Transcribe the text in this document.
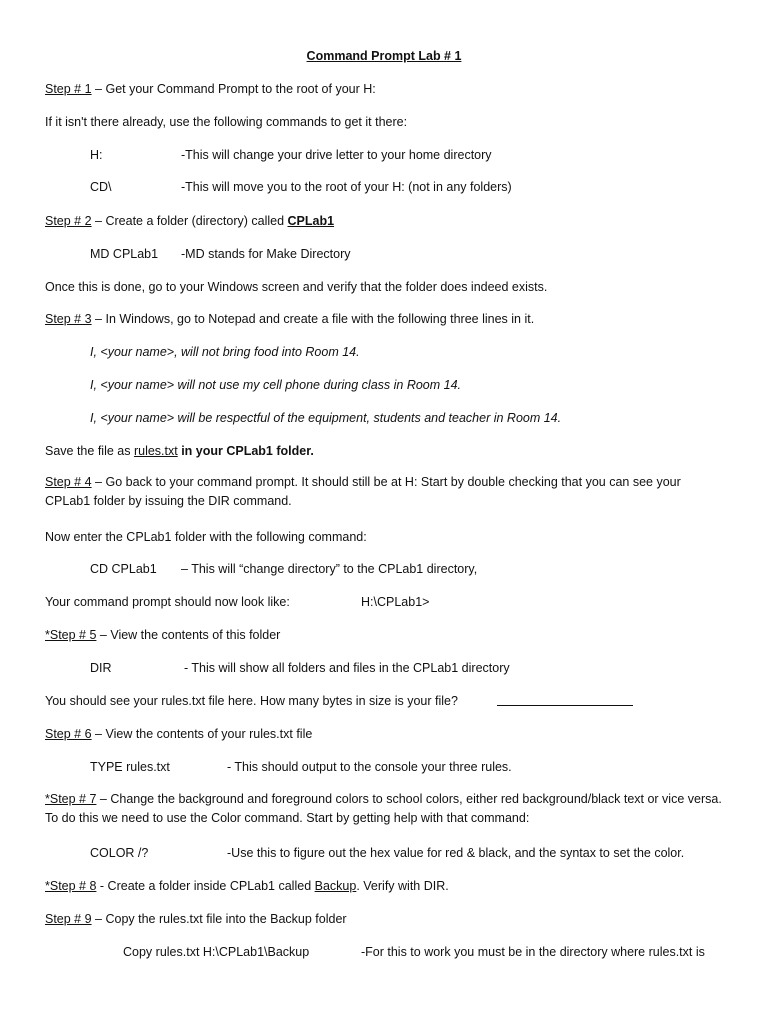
Command Prompt Lab # 1
Step # 1 – Get your Command Prompt to the root of your H:
If it isn't there already, use the following commands to get it there:
H:	-This will change your drive letter to your home directory
CD\	-This will move you to the root of your H: (not in any folders)
Step # 2 – Create a folder (directory) called CPLab1
MD CPLab1 -MD stands for Make Directory
Once this is done, go to your Windows screen and verify that the folder does indeed exists.
Step # 3 – In Windows, go to Notepad and create a file with the following three lines in it.
I, <your name>, will not bring food into Room 14.
I, <your name> will not use my cell phone during class in Room 14.
I, <your name> will be respectful of the equipment, students and teacher in Room 14.
Save the file as rules.txt in your CPLab1 folder.
Step # 4 – Go back to your command prompt. It should still be at H: Start by double checking that you can see your CPLab1 folder by issuing the DIR command.
Now enter the CPLab1 folder with the following command:
CD CPLab1 – This will “change directory” to the CPLab1 directory,
Your command prompt should now look like:	H:\CPLab1>
*Step # 5 – View the contents of this folder
DIR	- This will show all folders and files in the CPLab1 directory
You should see your rules.txt file here. How many bytes in size is your file?
Step # 6 – View the contents of your rules.txt file
TYPE rules.txt	- This should output to the console your three rules.
*Step # 7 – Change the background and foreground colors to school colors, either red background/black text or vice versa. To do this we need to use the Color command. Start by getting help with that command:
COLOR /?	-Use this to figure out the hex value for red & black, and the syntax to set the color.
*Step # 8 - Create a folder inside CPLab1 called Backup. Verify with DIR.
Step # 9 – Copy the rules.txt file into the Backup folder
Copy rules.txt H:\CPLab1\Backup	-For this to work you must be in the directory where rules.txt is
